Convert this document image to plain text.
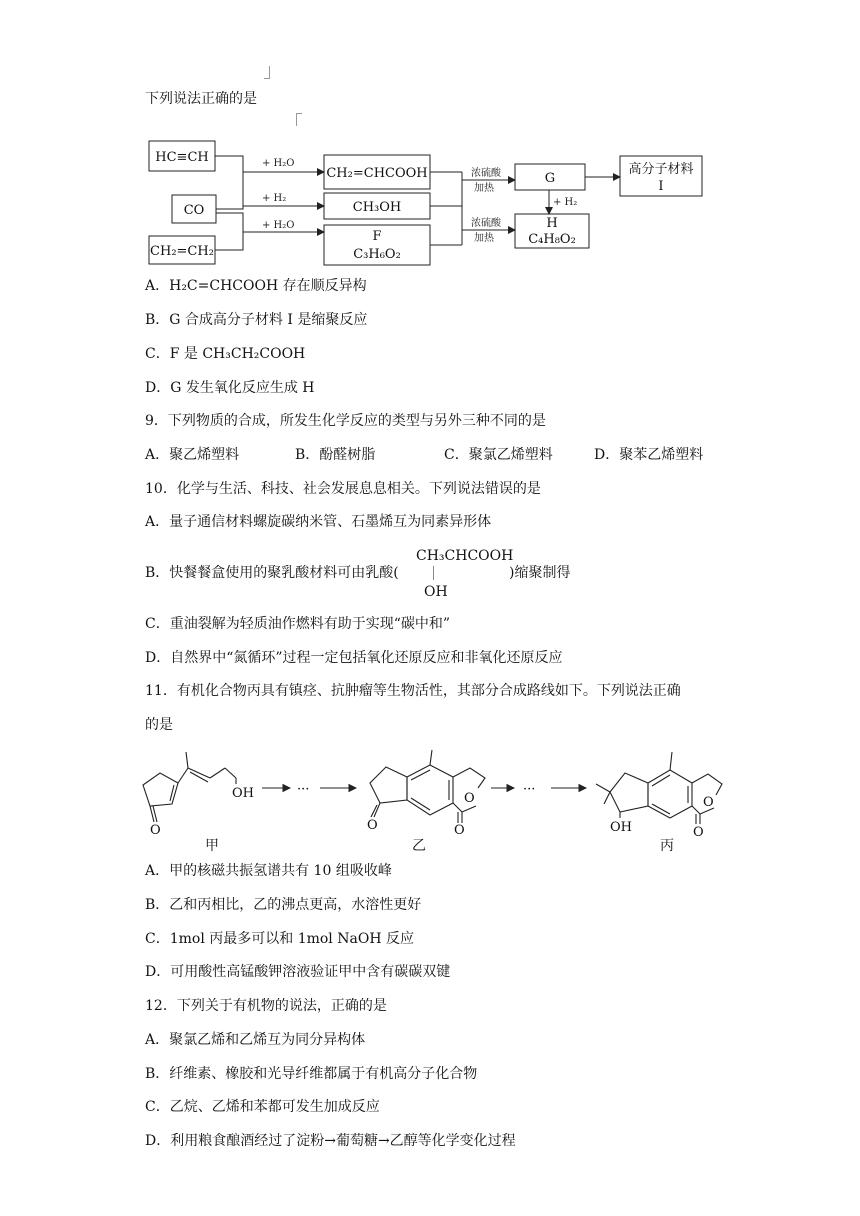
下列说法正确的是
HC≡CH
CO
CH₂=CH₂
CH₂=CHCOOH
CH₃OH
F
C₃H₆O₂
G
H
C₄H₈O₂
高分子材料
I
+ H₂O
+ H₂
+ H₂O
浓硫酸
加热
浓硫酸
加热
+ H₂
A．H₂C=CHCOOH 存在顺反异构
B．G 合成高分子材料 I 是缩聚反应
C．F 是 CH₃CH₂COOH
D．G 发生氧化反应生成 H
9．下列物质的合成，所发生化学反应的类型与另外三种不同的是
A．聚乙烯塑料	B．酚醛树脂	C．聚氯乙烯塑料	D．聚苯乙烯塑料
10．化学与生活、科技、社会发展息息相关。下列说法错误的是
A．量子通信材料螺旋碳纳米管、石墨烯互为同素异形体
B．快餐餐盒使用的聚乳酸材料可由乳酸(
CH₃CHCOOH
OH
)缩聚制得
C．重油裂解为轻质油作燃料有助于实现“碳中和”
D．自然界中“氮循环”过程一定包括氧化还原反应和非氧化还原反应
11．有机化合物丙具有镇痉、抗肿瘤等生物活性，其部分合成路线如下。下列说法正确
的是
OH
O	O
O
O	OH
O
O
···	···
甲	乙	丙
A．甲的核磁共振氢谱共有 10 组吸收峰
B．乙和丙相比，乙的沸点更高，水溶性更好
C．1mol 丙最多可以和 1mol NaOH 反应
D．可用酸性高锰酸钾溶液验证甲中含有碳碳双键
12．下列关于有机物的说法，正确的是
A．聚氯乙烯和乙烯互为同分异构体
B．纤维素、橡胶和光导纤维都属于有机高分子化合物
C．乙烷、乙烯和苯都可发生加成反应
D．利用粮食酿酒经过了淀粉→葡萄糖→乙醇等化学变化过程
